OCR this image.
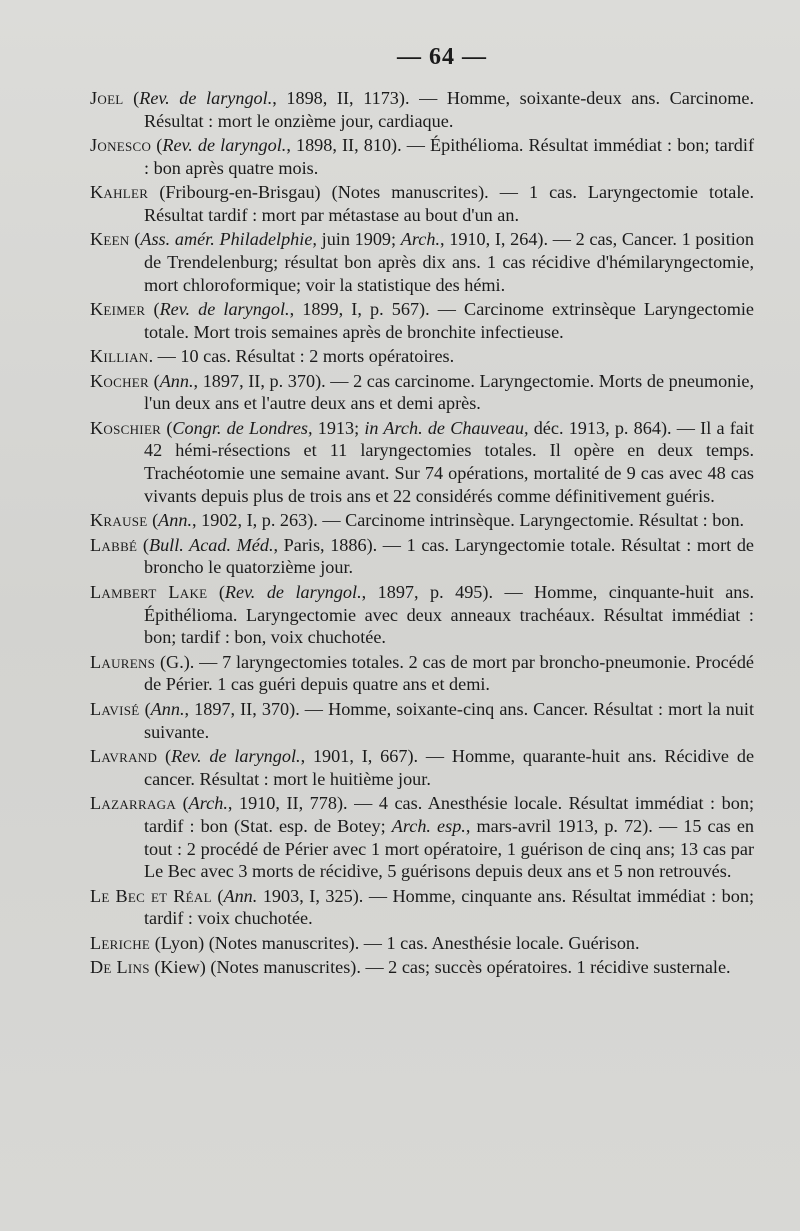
— 64 —

Joel (Rev. de laryngol., 1898, II, 1173). — Homme, soixante-deux ans. Carcinome. Résultat : mort le onzième jour, cardiaque.

Jonesco (Rev. de laryngol., 1898, II, 810). — Épithélioma. Résultat immédiat : bon; tardif : bon après quatre mois.

Kahler (Fribourg-en-Brisgau) (Notes manuscrites). — 1 cas. Laryngectomie totale. Résultat tardif : mort par métastase au bout d'un an.

Keen (Ass. amér. Philadelphie, juin 1909; Arch., 1910, I, 264). — 2 cas, Cancer. 1 position de Trendelenburg; résultat bon après dix ans. 1 cas récidive d'hémilaryngectomie, mort chloroformique; voir la statistique des hémi.

Keimer (Rev. de laryngol., 1899, I, p. 567). — Carcinome extrinsèque Laryngectomie totale. Mort trois semaines après de bronchite infectieuse.

Killian. — 10 cas. Résultat : 2 morts opératoires.

Kocher (Ann., 1897, II, p. 370). — 2 cas carcinome. Laryngectomie. Morts de pneumonie, l'un deux ans et l'autre deux ans et demi après.

Koschier (Congr. de Londres, 1913; in Arch. de Chauveau, déc. 1913, p. 864). — Il a fait 42 hémi-résections et 11 laryngectomies totales. Il opère en deux temps. Trachéotomie une semaine avant. Sur 74 opérations, mortalité de 9 cas avec 48 cas vivants depuis plus de trois ans et 22 considérés comme définitivement guéris.

Krause (Ann., 1902, I, p. 263). — Carcinome intrinsèque. Laryngectomie. Résultat : bon.

Labbé (Bull. Acad. Méd., Paris, 1886). — 1 cas. Laryngectomie totale. Résultat : mort de broncho le quatorzième jour.

Lambert Lake (Rev. de laryngol., 1897, p. 495). — Homme, cinquante-huit ans. Épithélioma. Laryngectomie avec deux anneaux trachéaux. Résultat immédiat : bon; tardif : bon, voix chuchotée.

Laurens (G.). — 7 laryngectomies totales. 2 cas de mort par broncho-pneumonie. Procédé de Périer. 1 cas guéri depuis quatre ans et demi.

Lavisé (Ann., 1897, II, 370). — Homme, soixante-cinq ans. Cancer. Résultat : mort la nuit suivante.

Lavrand (Rev. de laryngol., 1901, I, 667). — Homme, quarante-huit ans. Récidive de cancer. Résultat : mort le huitième jour.

Lazarraga (Arch., 1910, II, 778). — 4 cas. Anesthésie locale. Résultat immédiat : bon; tardif : bon (Stat. esp. de Botey; Arch. esp., mars-avril 1913, p. 72). — 15 cas en tout : 2 procédé de Périer avec 1 mort opératoire, 1 guérison de cinq ans; 13 cas par Le Bec avec 3 morts de récidive, 5 guérisons depuis deux ans et 5 non retrouvés.

Le Bec et Réal (Ann. 1903, I, 325). — Homme, cinquante ans. Résultat immédiat : bon; tardif : voix chuchotée.

Leriche (Lyon) (Notes manuscrites). — 1 cas. Anesthésie locale. Guérison.

De Lins (Kiew) (Notes manuscrites). — 2 cas; succès opératoires. 1 récidive susternale.
